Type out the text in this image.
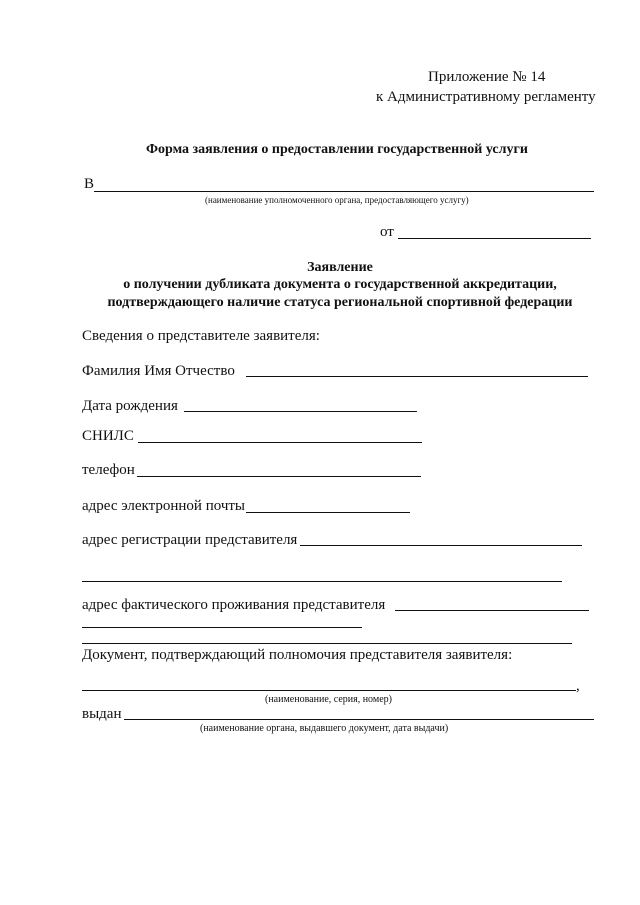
Приложение № 14
к Административному регламенту
Форма заявления о предоставлении государственной услуги
В
(наименование уполномоченного органа, предоставляющего услугу)
от
Заявление
о получении дубликата документа о государственной аккредитации,
подтверждающего наличие статуса региональной спортивной федерации
Сведения о представителе заявителя:
Фамилия Имя Отчество
Дата рождения
СНИЛС
телефон
адрес электронной почты
адрес регистрации представителя
адрес фактического проживания представителя
Документ, подтверждающий полномочия представителя заявителя:
,
(наименование, серия, номер)
выдан
(наименование органа, выдавшего документ, дата выдачи)
